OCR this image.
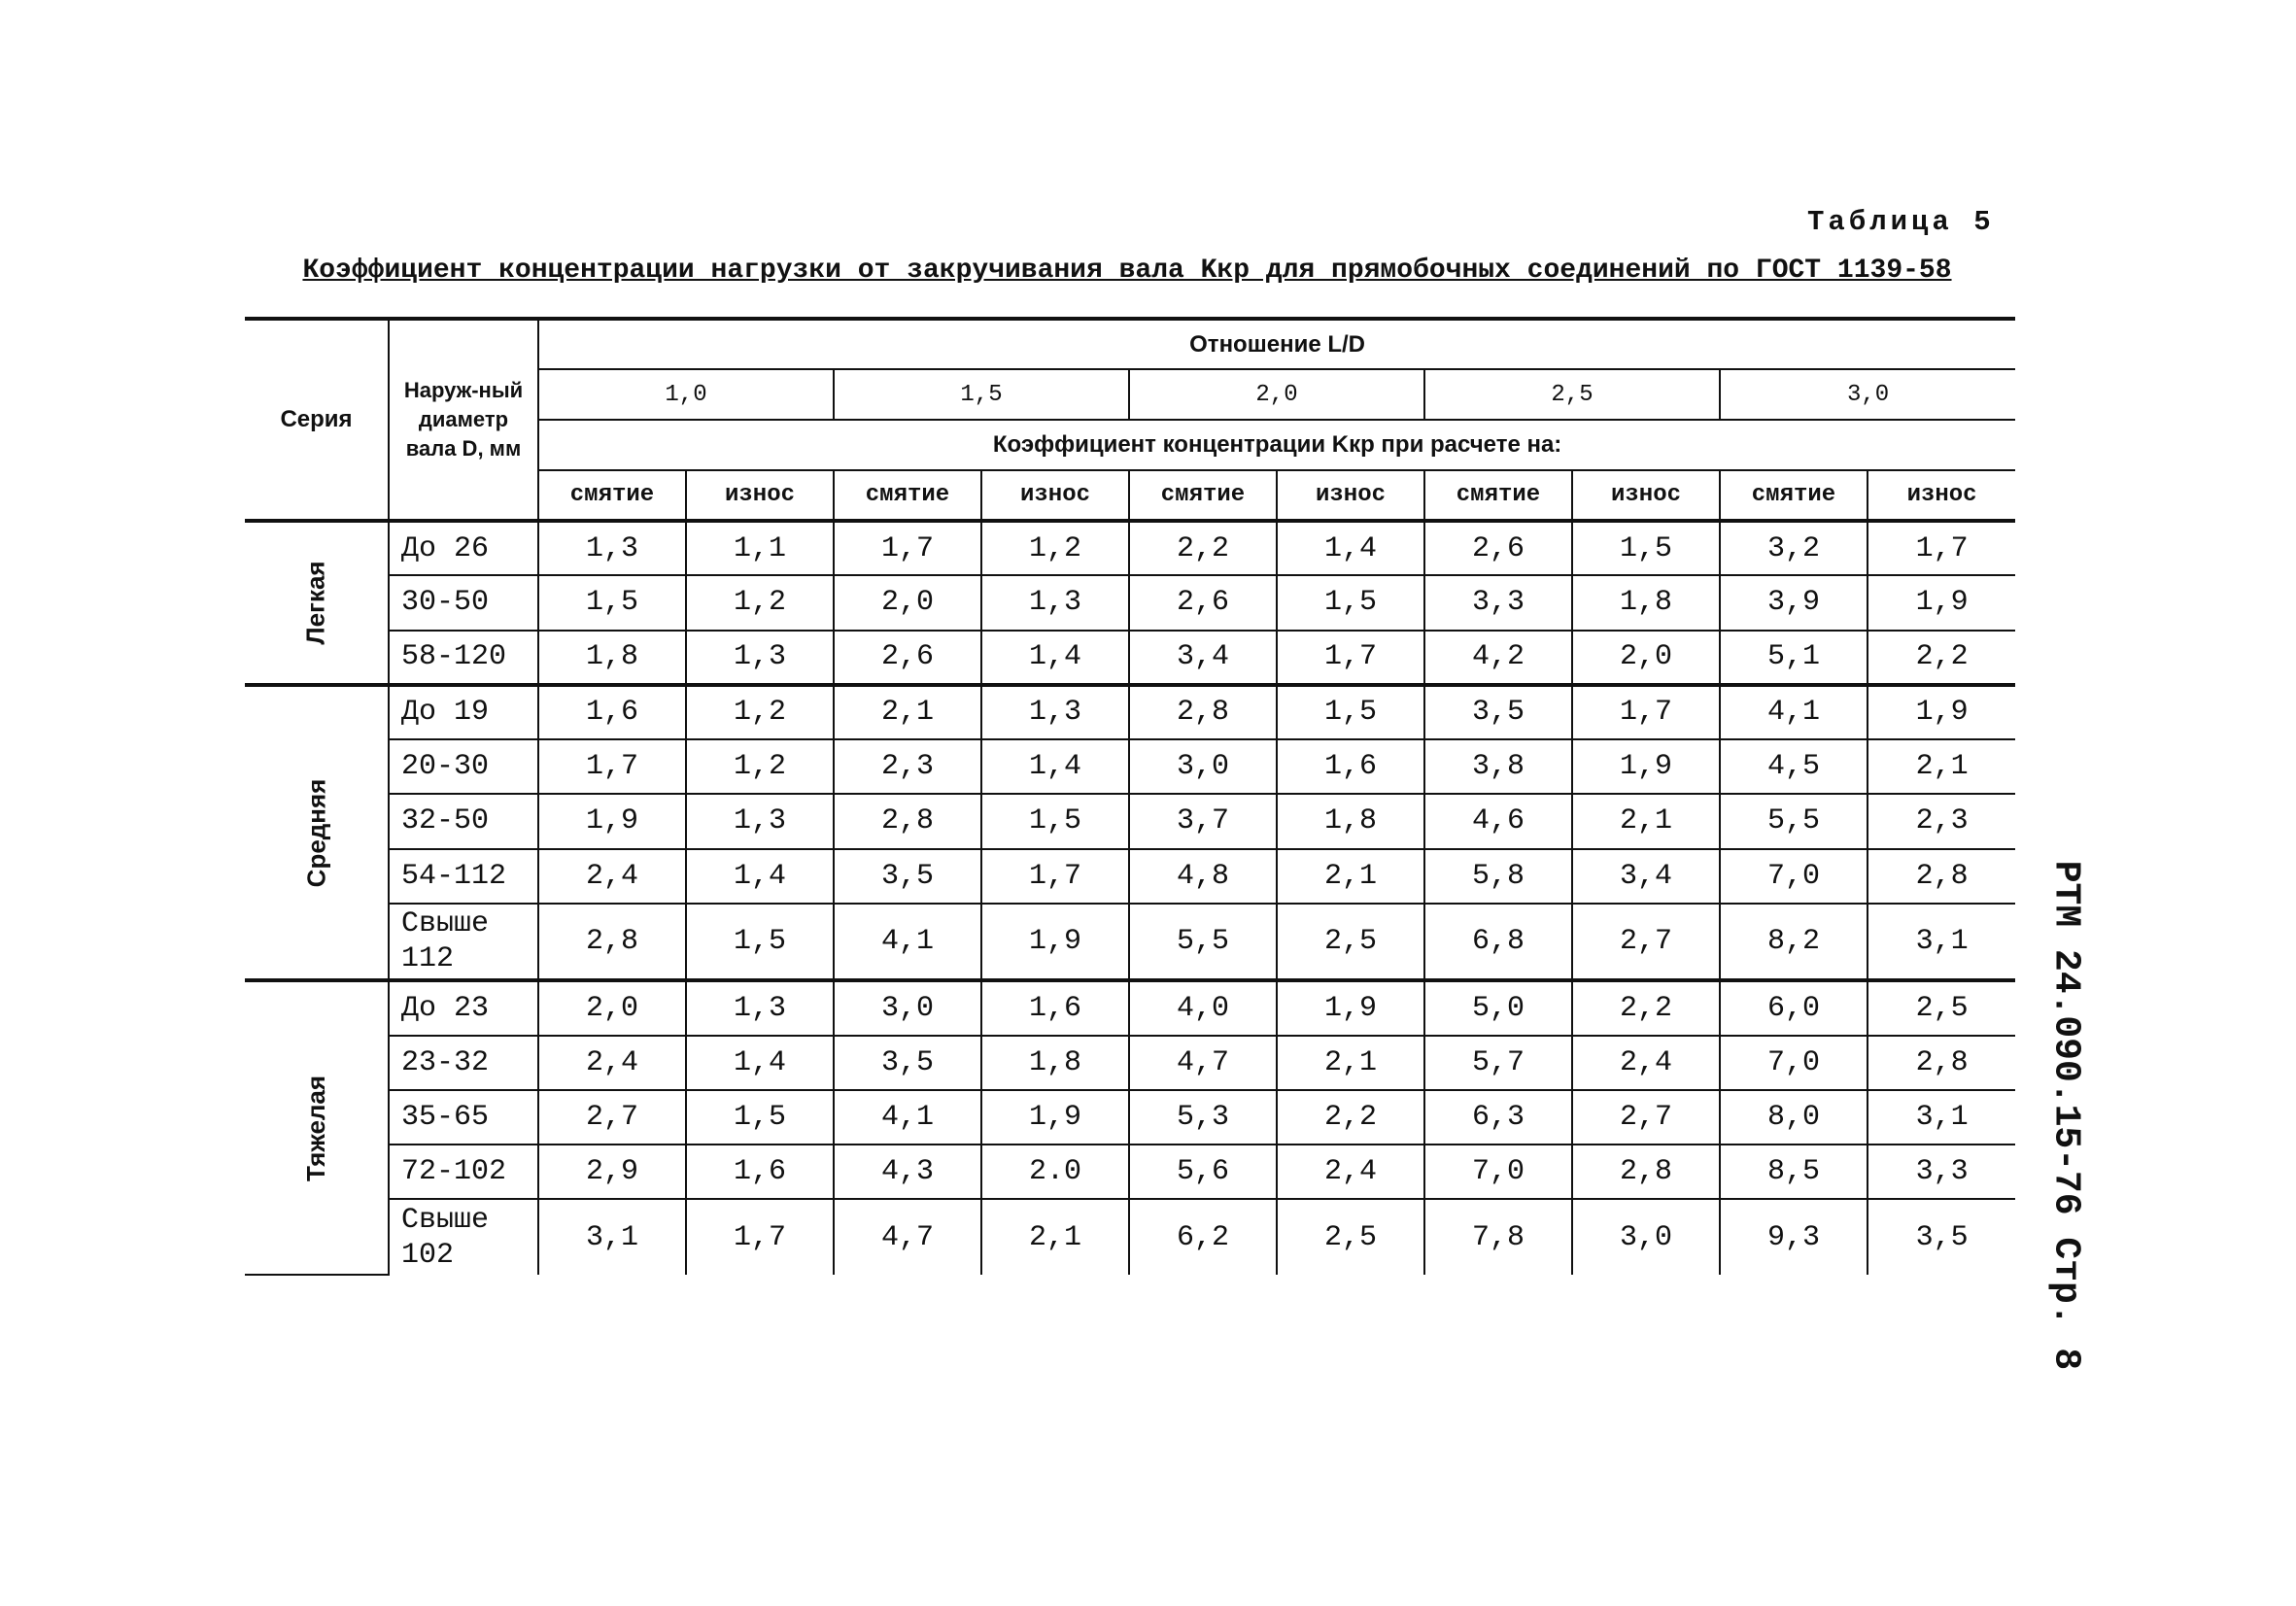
Таблица 5
Коэффициент концентрации нагрузки от закручивания вала Kкр для прямобочных соединений по ГОСТ 1139-58
Серия	Наруж-ный диаметр вала D, мм	Отношение L/D									
		1,0		1,5		2,0		2,5		3,0	
		Коэффициент концентрации Kкр при расчете на:									
		смятие	износ	смятие	износ	смятие	износ	смятие	износ	смятие	износ
Легкая	До 26	1,3	1,1	1,7	1,2	2,2	1,4	2,6	1,5	3,2	1,7
	30-50	1,5	1,2	2,0	1,3	2,6	1,5	3,3	1,8	3,9	1,9
	58-120	1,8	1,3	2,6	1,4	3,4	1,7	4,2	2,0	5,1	2,2
Средняя	До 19	1,6	1,2	2,1	1,3	2,8	1,5	3,5	1,7	4,1	1,9
	20-30	1,7	1,2	2,3	1,4	3,0	1,6	3,8	1,9	4,5	2,1
	32-50	1,9	1,3	2,8	1,5	3,7	1,8	4,6	2,1	5,5	2,3
	54-112	2,4	1,4	3,5	1,7	4,8	2,1	5,8	3,4	7,0	2,8
	Свыше 112	2,8	1,5	4,1	1,9	5,5	2,5	6,8	2,7	8,2	3,1
Тяжелая	До 23	2,0	1,3	3,0	1,6	4,0	1,9	5,0	2,2	6,0	2,5
	23-32	2,4	1,4	3,5	1,8	4,7	2,1	5,7	2,4	7,0	2,8
	35-65	2,7	1,5	4,1	1,9	5,3	2,2	6,3	2,7	8,0	3,1
	72-102	2,9	1,6	4,3	2.0	5,6	2,4	7,0	2,8	8,5	3,3
	Свыше 102	3,1	1,7	4,7	2,1	6,2	2,5	7,8	3,0	9,3	3,5 РТМ 24.090.15-76 Стр. 8
